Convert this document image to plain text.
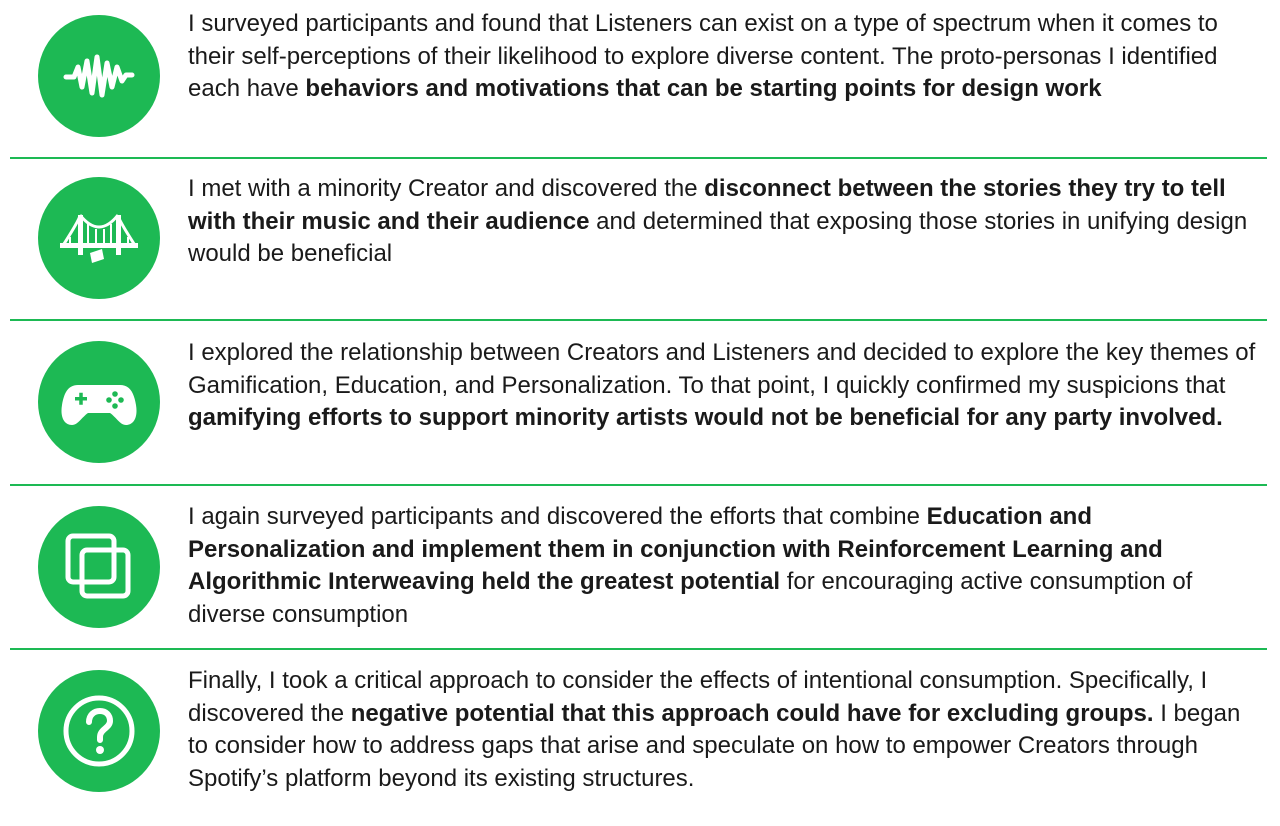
I surveyed participants and found that Listeners can exist on a type of spectrum when it comes to their self-perceptions of their likelihood to explore diverse content. The proto-personas I identified each have behaviors and motivations that can be starting points for design work

I met with a minority Creator and discovered the disconnect between the stories they try to tell with their music and their audience and determined that exposing those stories in unifying design would be beneficial

I explored the relationship between Creators and Listeners and decided to explore the key themes of Gamification, Education, and Personalization. To that point, I quickly confirmed my suspicions that gamifying efforts to support minority artists would not be beneficial for any party involved.

I again surveyed participants and discovered the efforts that combine Education and Personalization and implement them in conjunction with Reinforcement Learning and Algorithmic Interweaving held the greatest potential for encouraging active consumption of diverse consumption

Finally, I took a critical approach to consider the effects of intentional consumption. Specifically, I discovered the negative potential that this approach could have for excluding groups. I began to consider how to address gaps that arise and speculate on how to empower Creators through Spotify’s platform beyond its existing structures.
